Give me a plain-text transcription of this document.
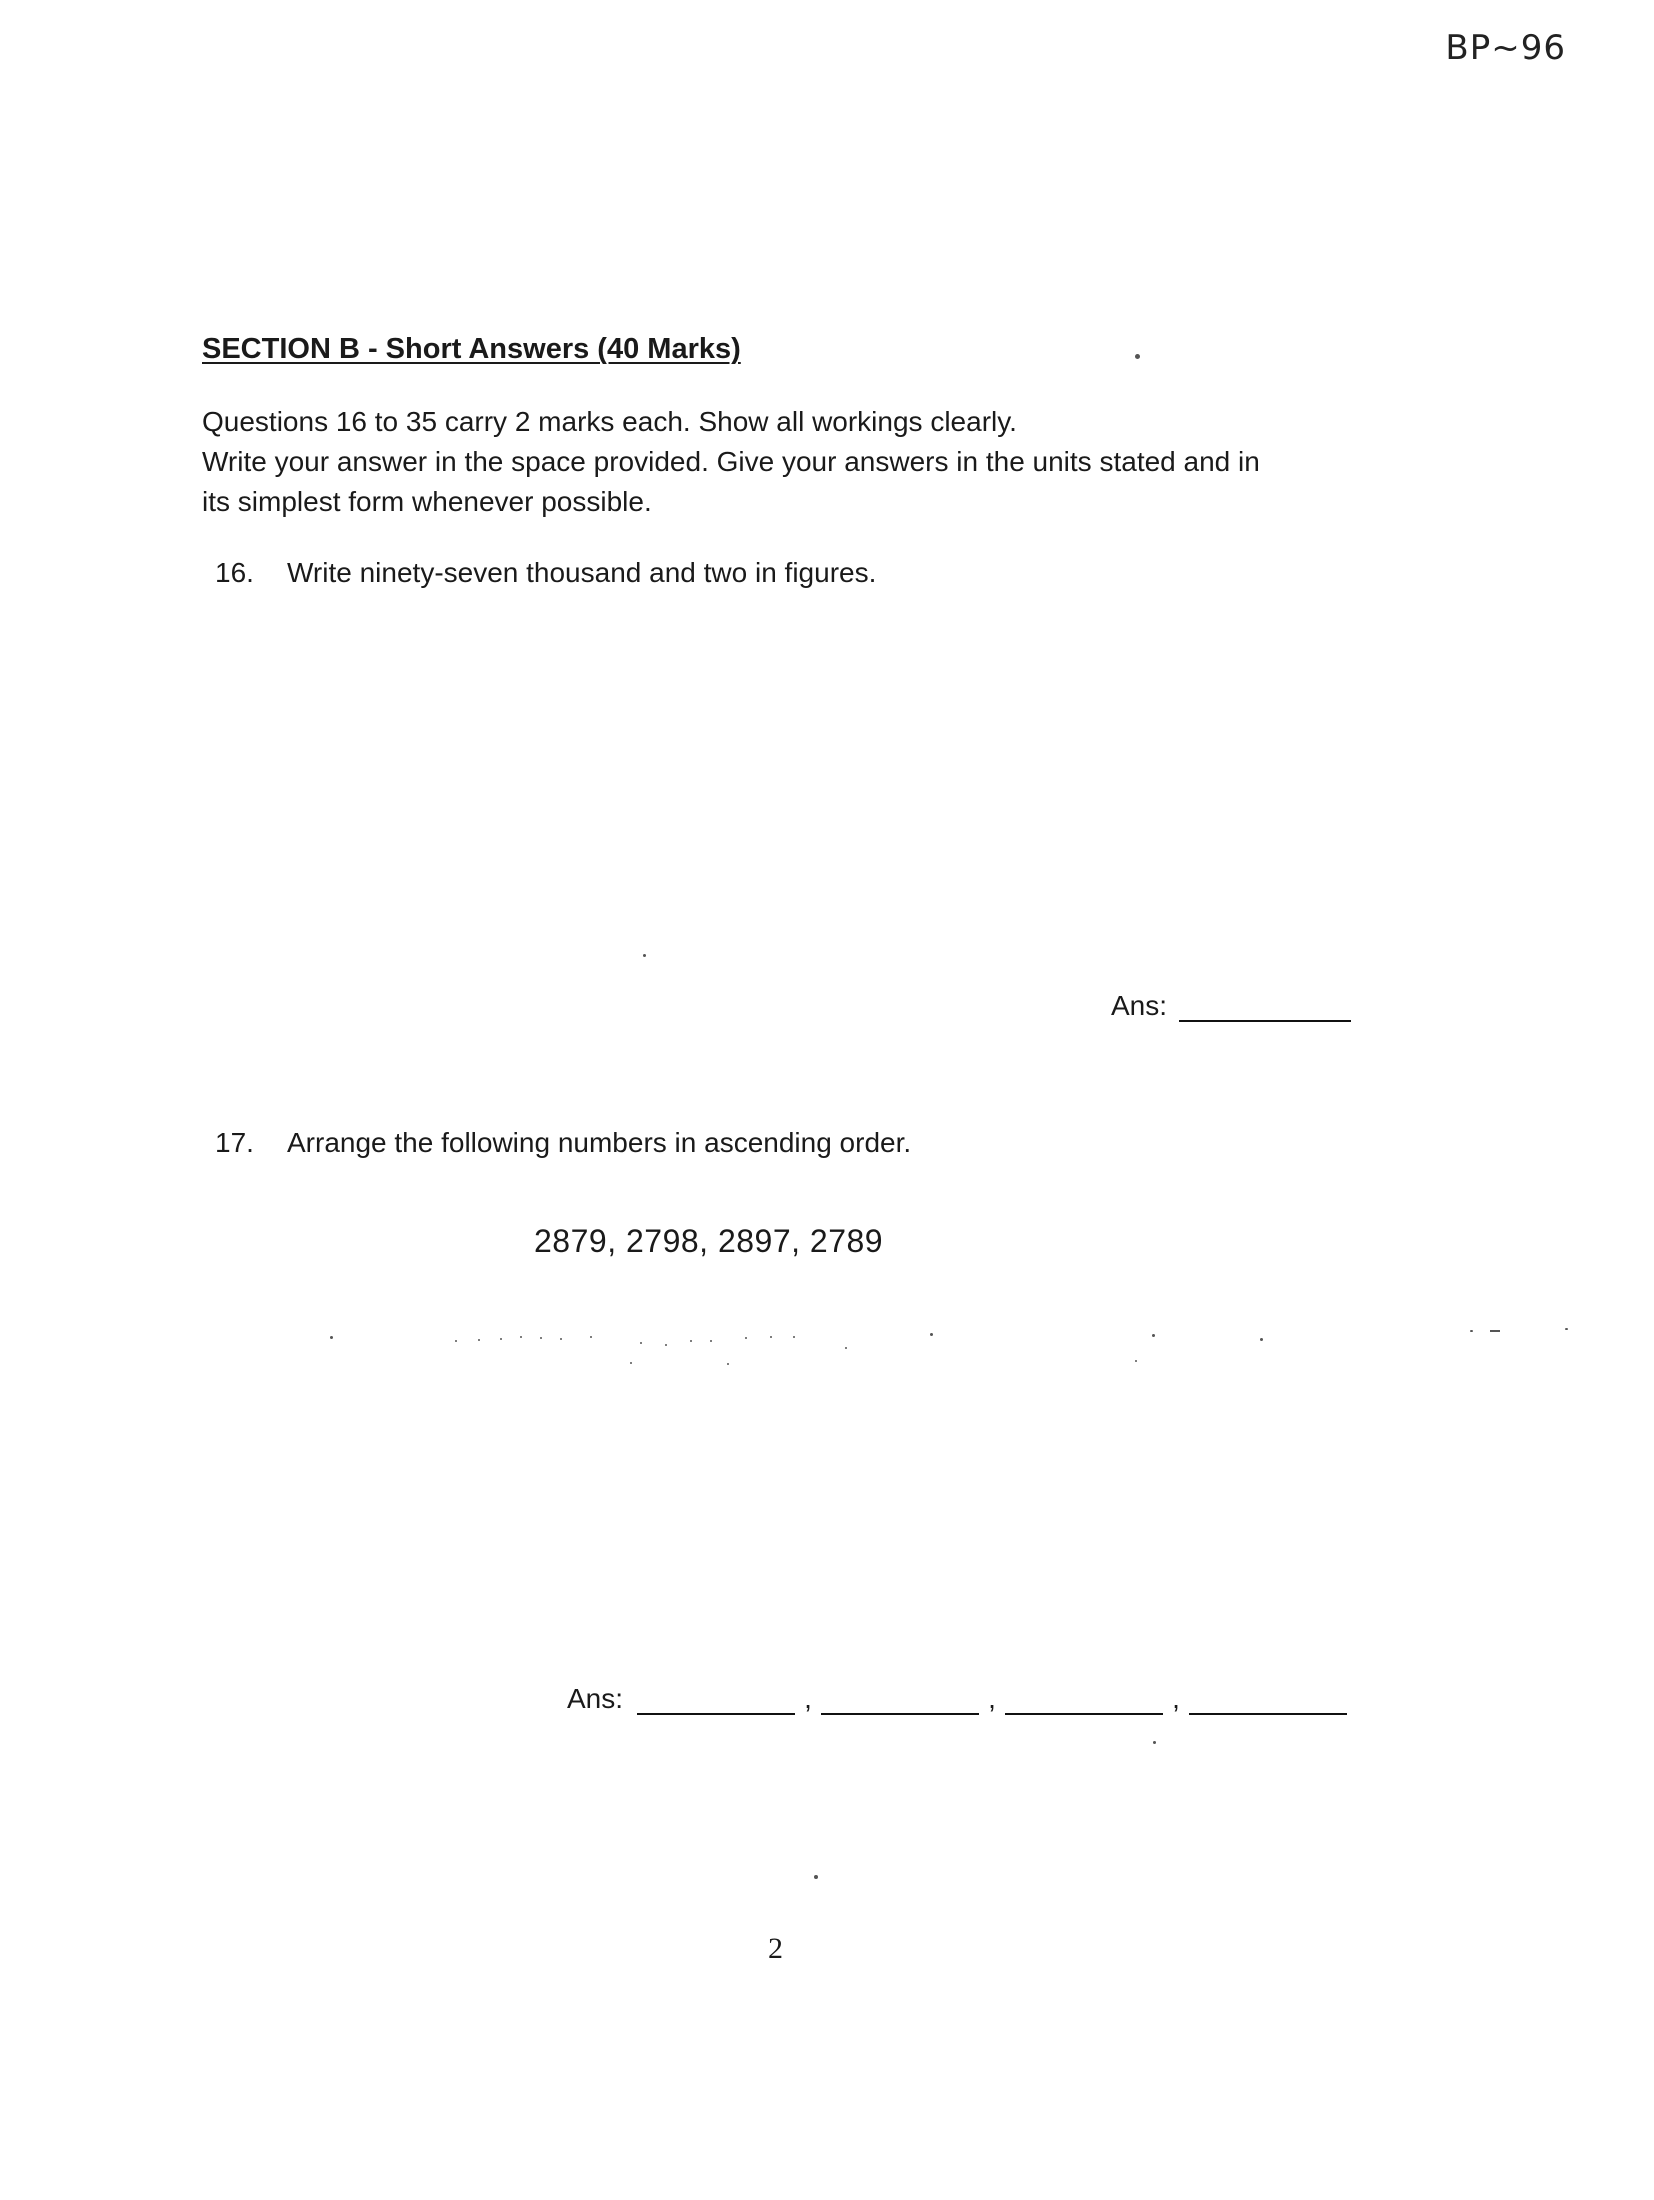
BP~96
SECTION B - Short Answers (40 Marks)

Questions 16 to 35 carry 2 marks each. Show all workings clearly.

Write your answer in the space provided. Give your answers in the units stated and in

its simplest form whenever possible.

16.	Write ninety-seven thousand and two in figures.
Ans:
17.	Arrange the following numbers in ascending order.
2879, 2798, 2897, 2789
Ans:	,	,	,
2
